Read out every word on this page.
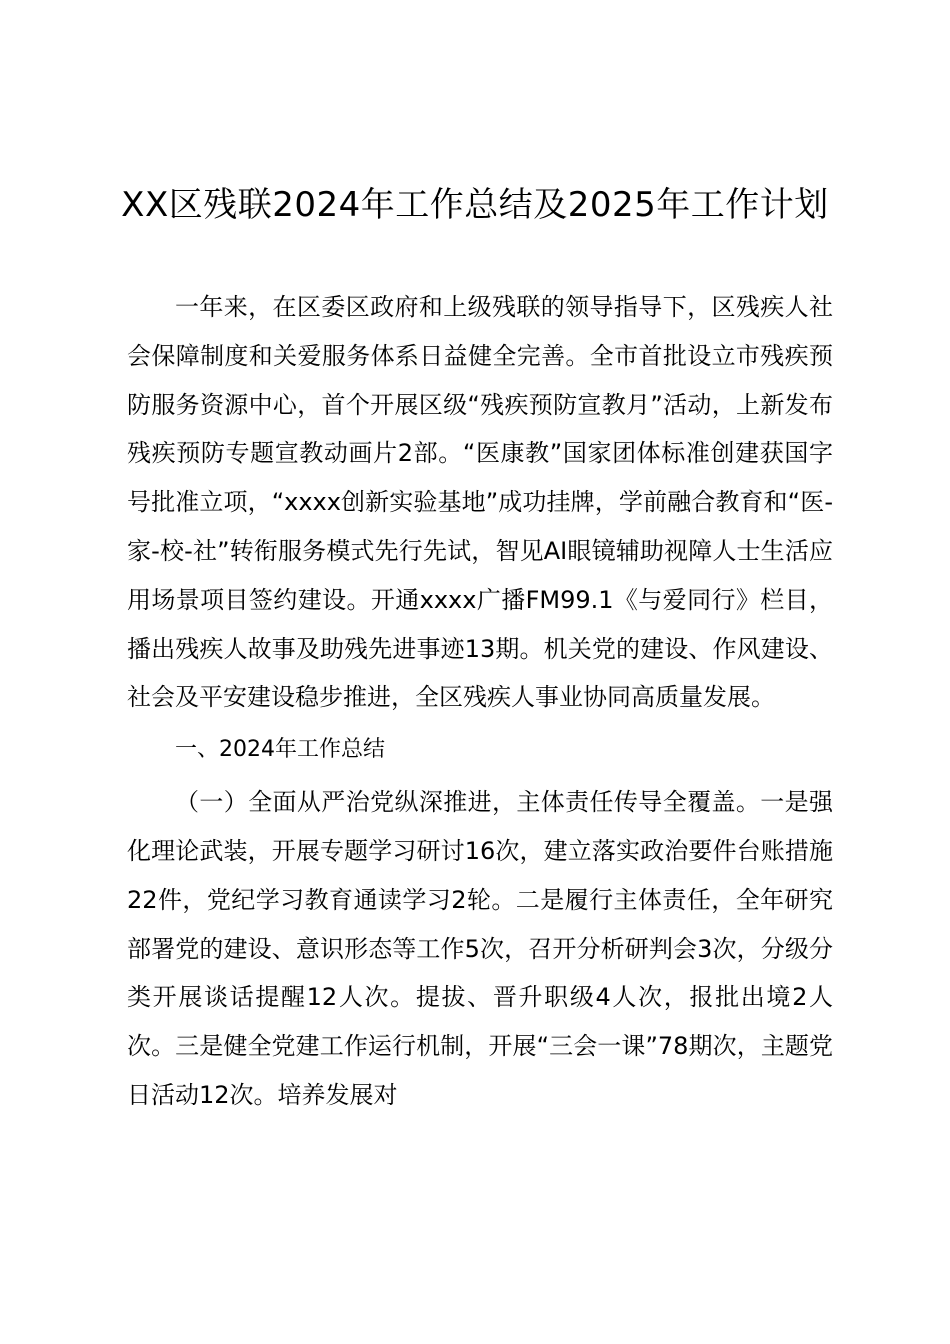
XX区残联2024年工作总结及2025年工作计划

一年来，在区委区政府和上级残联的领导指导下，区残疾人社会保障制度和关爱服务体系日益健全完善。全市首批设立市残疾预防服务资源中心，首个开展区级“残疾预防宣教月”活动，上新发布残疾预防专题宣教动画片2部。“医康教”国家团体标准创建获国字号批准立项，“xxxx创新实验基地”成功挂牌，学前融合教育和“医-家-校-社”转衔服务模式先行先试，智见AI眼镜辅助视障人士生活应用场景项目签约建设。开通xxxx广播FM99.1《与爱同行》栏目，播出残疾人故事及助残先进事迹13期。机关党的建设、作风建设、社会及平安建设稳步推进，全区残疾人事业协同高质量发展。

一、2024年工作总结

（一）全面从严治党纵深推进，主体责任传导全覆盖。一是强化理论武装，开展专题学习研讨16次，建立落实政治要件台账措施22件，党纪学习教育通读学习2轮。二是履行主体责任，全年研究部署党的建设、意识形态等工作5次，召开分析研判会3次，分级分类开展谈话提醒12人次。提拔、晋升职级4人次，报批出境2人次。三是健全党建工作运行机制，开展“三会一课”78期次，主题党日活动12次。培养发展对
